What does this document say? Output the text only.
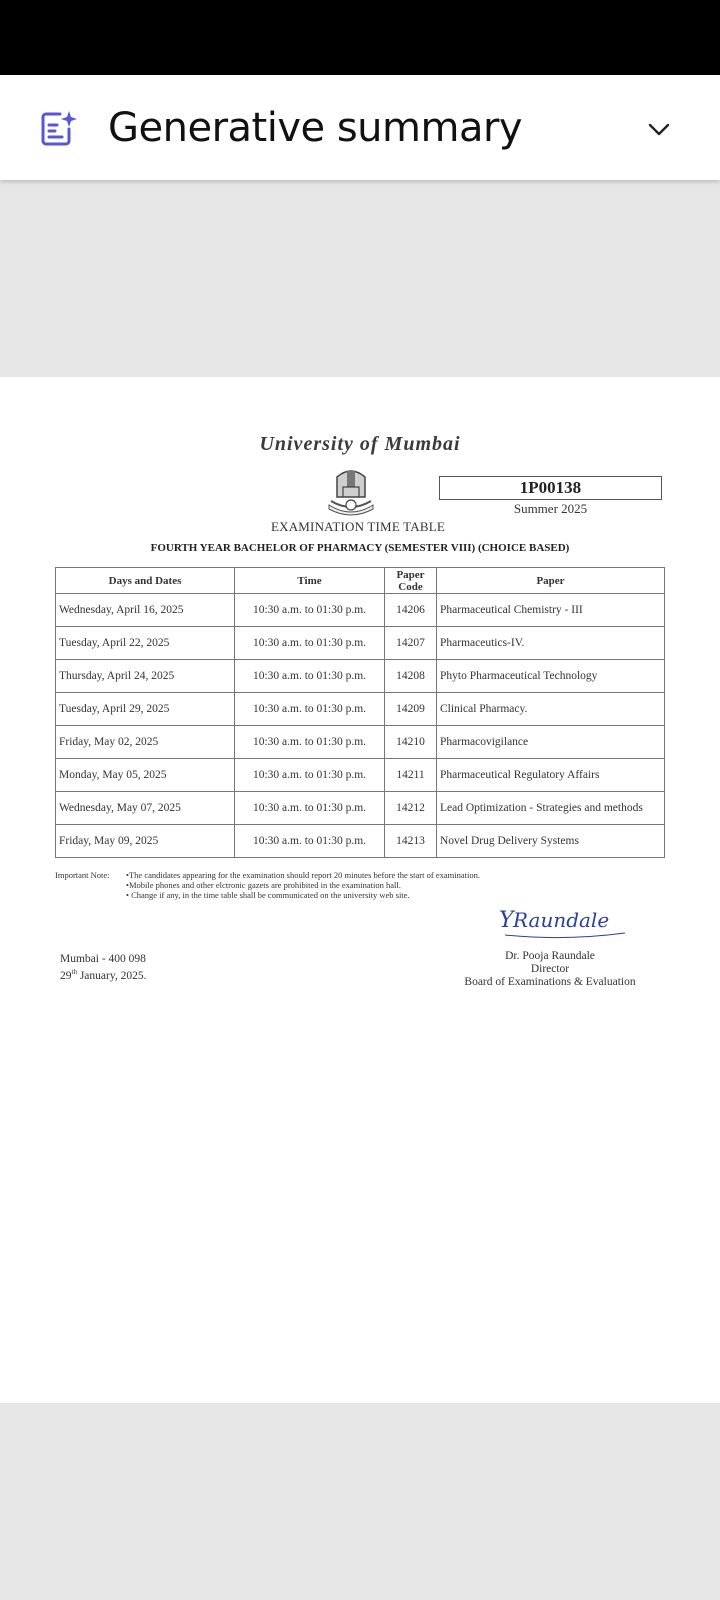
Generative summary
University of Mumbai
1P00138
Summer 2025
EXAMINATION TIME TABLE
FOURTH YEAR BACHELOR OF PHARMACY (SEMESTER VIII) (CHOICE BASED)
Days and Dates	Time	Paper Code	Paper
Wednesday, April 16, 2025	10:30 a.m. to 01:30 p.m.	14206	Pharmaceutical Chemistry - III
Tuesday, April 22, 2025	10:30 a.m. to 01:30 p.m.	14207	Pharmaceutics-IV.
Thursday, April 24, 2025	10:30 a.m. to 01:30 p.m.	14208	Phyto Pharmaceutical Technology
Tuesday, April 29, 2025	10:30 a.m. to 01:30 p.m.	14209	Clinical Pharmacy.
Friday, May 02, 2025	10:30 a.m. to 01:30 p.m.	14210	Pharmacovigilance
Monday, May 05, 2025	10:30 a.m. to 01:30 p.m.	14211	Pharmaceutical Regulatory Affairs
Wednesday, May 07, 2025	10:30 a.m. to 01:30 p.m.	14212	Lead Optimization - Strategies and methods
Friday, May 09, 2025	10:30 a.m. to 01:30 p.m.	14213	Novel Drug Delivery Systems
Important Note:	•The candidates appearing for the examination should report 20 minutes before the start of examination.
•Mobile phones and other elctronic gazets are prohibited in the examination hall.
• Change if any, in the time table shall be communicated on the university web site.
Y Raundale
Mumbai - 400 098
29th January, 2025.
Dr. Pooja Raundale
Director
Board of Examinations & Evaluation
